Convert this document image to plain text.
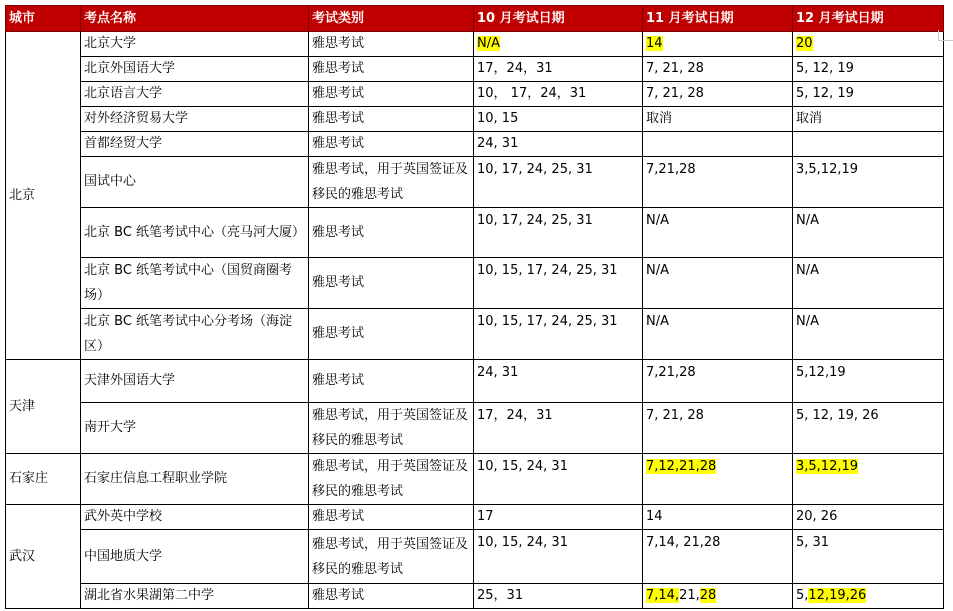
城市	考点名称	考试类别	10 月考试日期	11 月考试日期	12 月考试日期
北京	北京大学	雅思考试	N/A	14	20
	北京外国语大学	雅思考试	17，24，31	7, 21, 28	5, 12, 19
	北京语言大学	雅思考试	10， 17，24，31	7, 21, 28	5, 12, 19
	对外经济贸易大学	雅思考试	10, 15	取消	取消
	首都经贸大学	雅思考试	24, 31		
	国试中心	雅思考试，用于英国签证及移民的雅思考试	10, 17, 24, 25, 31	7,21,28	3,5,12,19
	北京 BC 纸笔考试中心（亮马河大厦）	雅思考试	10, 17, 24, 25, 31	N/A	N/A
	北京 BC 纸笔考试中心（国贸商圈考场）	雅思考试	10, 15, 17, 24, 25, 31	N/A	N/A
	北京 BC 纸笔考试中心分考场（海淀区）	雅思考试	10, 15, 17, 24, 25, 31	N/A	N/A
天津	天津外国语大学	雅思考试	24, 31	7,21,28	5,12,19
	南开大学	雅思考试，用于英国签证及移民的雅思考试	17，24，31	7, 21, 28	5, 12, 19, 26
石家庄	石家庄信息工程职业学院	雅思考试，用于英国签证及移民的雅思考试	10, 15, 24, 31	7,12,21,28	3,5,12,19
武汉	武外英中学校	雅思考试	17	14	20, 26
	中国地质大学	雅思考试，用于英国签证及移民的雅思考试	10, 15, 24, 31	7,14, 21,28	5, 31
	湖北省水果湖第二中学	雅思考试	25，31	7,14,21,28	5,12,19,26
